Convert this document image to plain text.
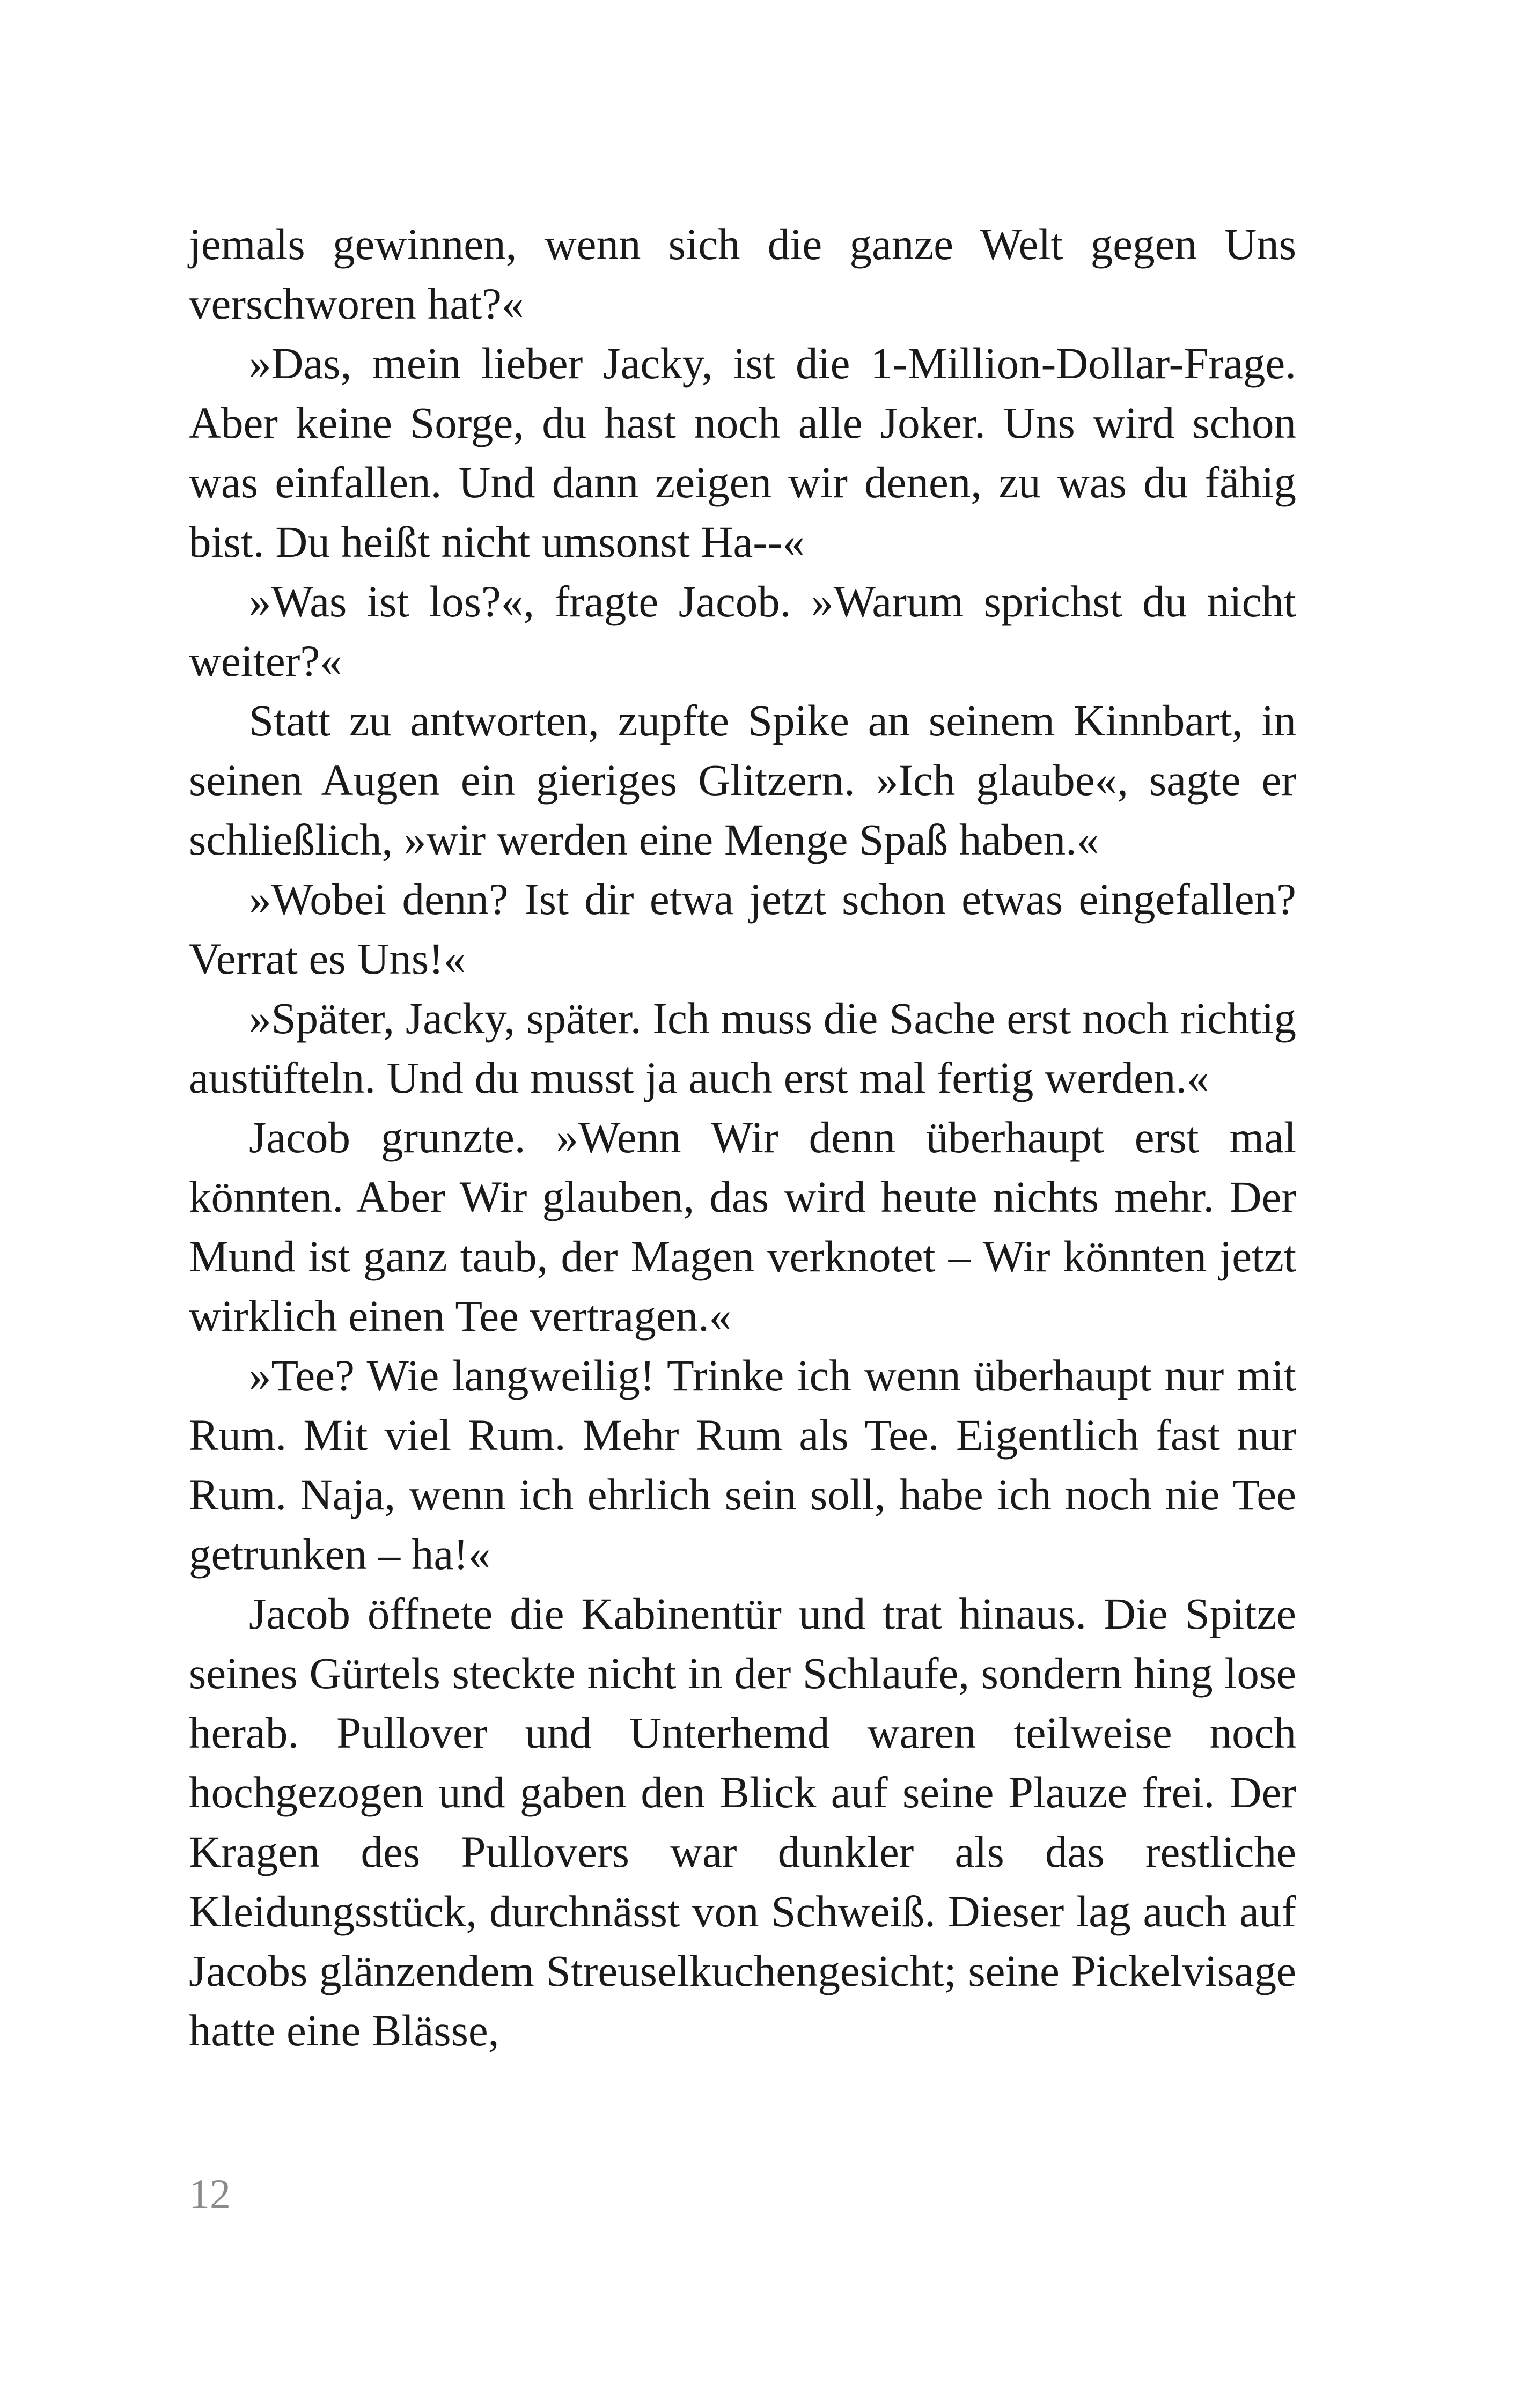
jemals gewinnen, wenn sich die ganze Welt gegen Uns verschworen hat?«

»Das, mein lieber Jacky, ist die 1-Million-Dollar-Frage. Aber keine Sorge, du hast noch alle Joker. Uns wird schon was einfallen. Und dann zeigen wir denen, zu was du fähig bist. Du heißt nicht umsonst Ha--«

»Was ist los?«, fragte Jacob. »Warum sprichst du nicht weiter?«

Statt zu antworten, zupfte Spike an seinem Kinnbart, in seinen Augen ein gieriges Glitzern. »Ich glaube«, sagte er schließlich, »wir werden eine Menge Spaß haben.«

»Wobei denn? Ist dir etwa jetzt schon etwas eingefallen? Verrat es Uns!«

»Später, Jacky, später. Ich muss die Sache erst noch richtig austüfteln. Und du musst ja auch erst mal fertig werden.«

Jacob grunzte. »Wenn Wir denn überhaupt erst mal könnten. Aber Wir glauben, das wird heute nichts mehr. Der Mund ist ganz taub, der Magen verknotet – Wir könnten jetzt wirklich einen Tee vertragen.«

»Tee? Wie langweilig! Trinke ich wenn überhaupt nur mit Rum. Mit viel Rum. Mehr Rum als Tee. Eigentlich fast nur Rum. Naja, wenn ich ehrlich sein soll, habe ich noch nie Tee getrunken – ha!«

Jacob öffnete die Kabinentür und trat hinaus. Die Spitze seines Gürtels steckte nicht in der Schlaufe, sondern hing lose herab. Pullover und Unterhemd waren teilweise noch hochgezogen und gaben den Blick auf seine Plauze frei. Der Kragen des Pullovers war dunkler als das restliche Kleidungsstück, durchnässt von Schweiß. Dieser lag auch auf Jacobs glänzendem Streuselkuchengesicht; seine Pickelvisage hatte eine Blässe,

12
